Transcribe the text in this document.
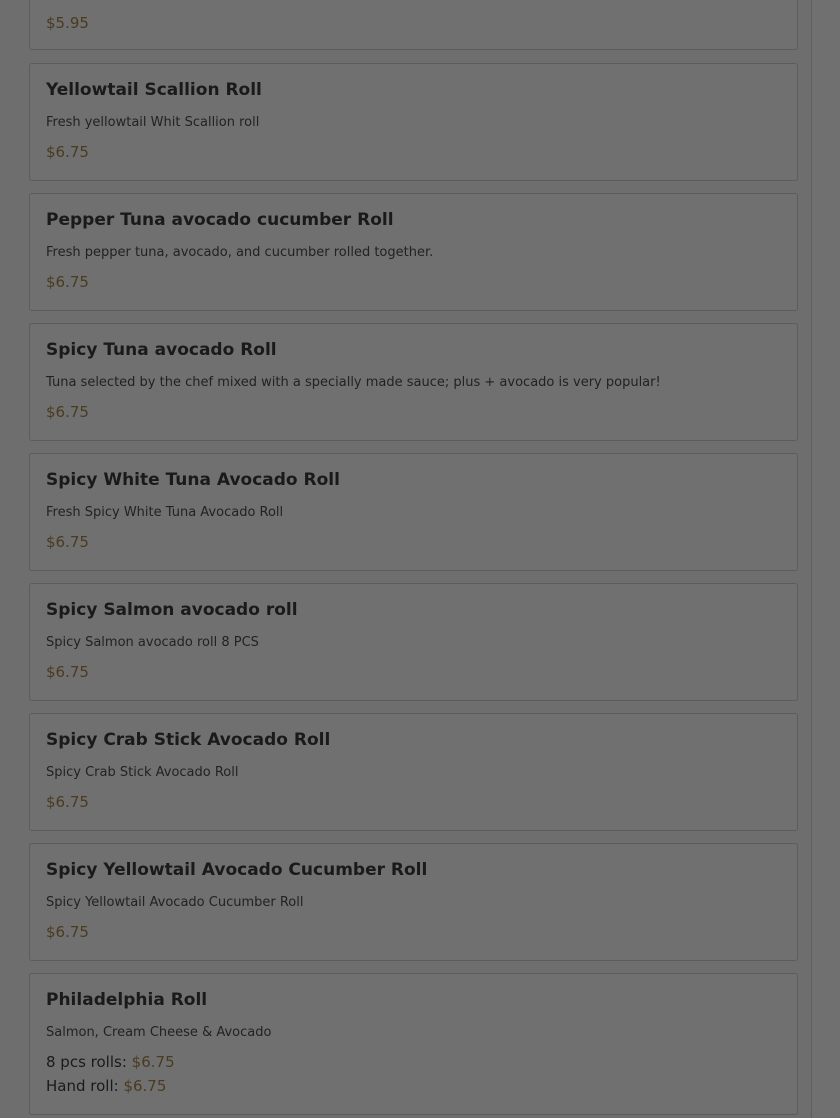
$5.95
Yellowtail Scallion Roll
Fresh yellowtail Whit Scallion roll
$6.75
Pepper Tuna avocado cucumber Roll
Fresh pepper tuna, avocado, and cucumber rolled together.
$6.75
Spicy Tuna avocado Roll
Tuna selected by the chef mixed with a specially made sauce; plus + avocado is very popular!
$6.75
Spicy White Tuna Avocado Roll
Fresh Spicy White Tuna Avocado Roll
$6.75
Spicy Salmon avocado roll
Spicy Salmon avocado roll 8 PCS
$6.75
Spicy Crab Stick Avocado Roll
Spicy Crab Stick Avocado Roll
$6.75
Spicy Yellowtail Avocado Cucumber Roll
Spicy Yellowtail Avocado Cucumber Roll
$6.75
Philadelphia Roll
Salmon, Cream Cheese & Avocado
8 pcs rolls: $6.75
Hand roll: $6.75
